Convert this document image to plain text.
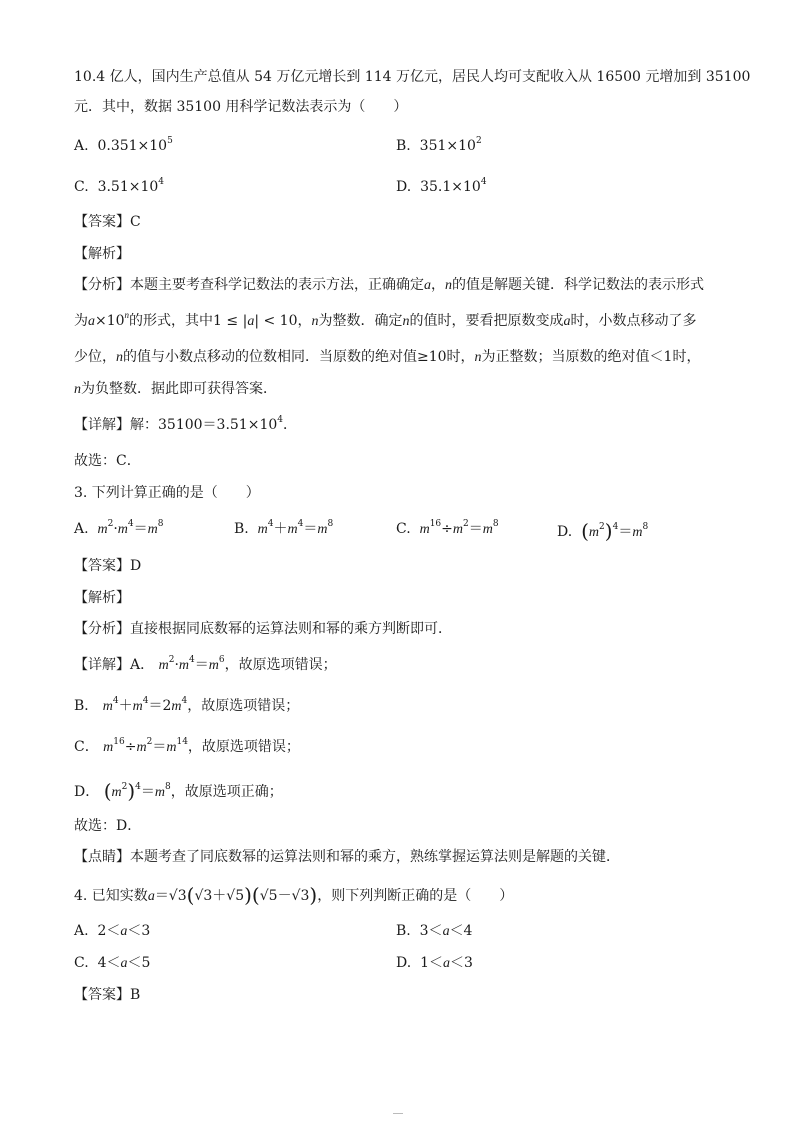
10.4 亿人，国内生产总值从 54 万亿元增长到 114 万亿元，居民人均可支配收入从 16500 元增加到 35100
元．其中，数据 35100 用科学记数法表示为（　　）
A. $0.351\times 10^5$	B. $351\times 10^2$
C. $3.51\times 10^4$	D. $35.1\times 10^4$
【答案】C
【解析】
【分析】本题主要考查科学记数法的表示方法，正确确定a，n的值是解题关键．科学记数法的表示形式
为$a\times 10^n$的形式，其中1 ≤ |a| < 10，n为整数．确定n的值时，要看把原数变成a时，小数点移动了多
少位，n的值与小数点移动的位数相同．当原数的绝对值≥10时，n为正整数；当原数的绝对值＜1时，
n为负整数．据此即可获得答案．
【详解】解：$35100=3.51\times 10^4$．
故选：C．
3. 下列计算正确的是（　　）
A. $m^2\cdot m^4=m^8$	B. $m^4+m^4=m^8$	C. $m^{16}\div m^2=m^8$	D. $(m^2)^4=m^8$
【答案】D
【解析】
【分析】直接根据同底数幂的运算法则和幂的乘方判断即可．
【详解】A． $m^2\cdot m^4=m^6$，故原选项错误；
B． $m^4+m^4=2m^4$，故原选项错误；
C． $m^{16}\div m^2=m^{14}$，故原选项错误；
D． $(m^2)^4=m^8$，故原选项正确；
故选：D．
【点睛】本题考查了同底数幂的运算法则和幂的乘方，熟练掌握运算法则是解题的关键．
4. 已知实数a＝√3(√3＋√5)(√5－√3)，则下列判断正确的是（　　）
A.  2＜a＜3	B.  3＜a＜4
C.  4＜a＜5	D.  1＜a＜3
【答案】B
